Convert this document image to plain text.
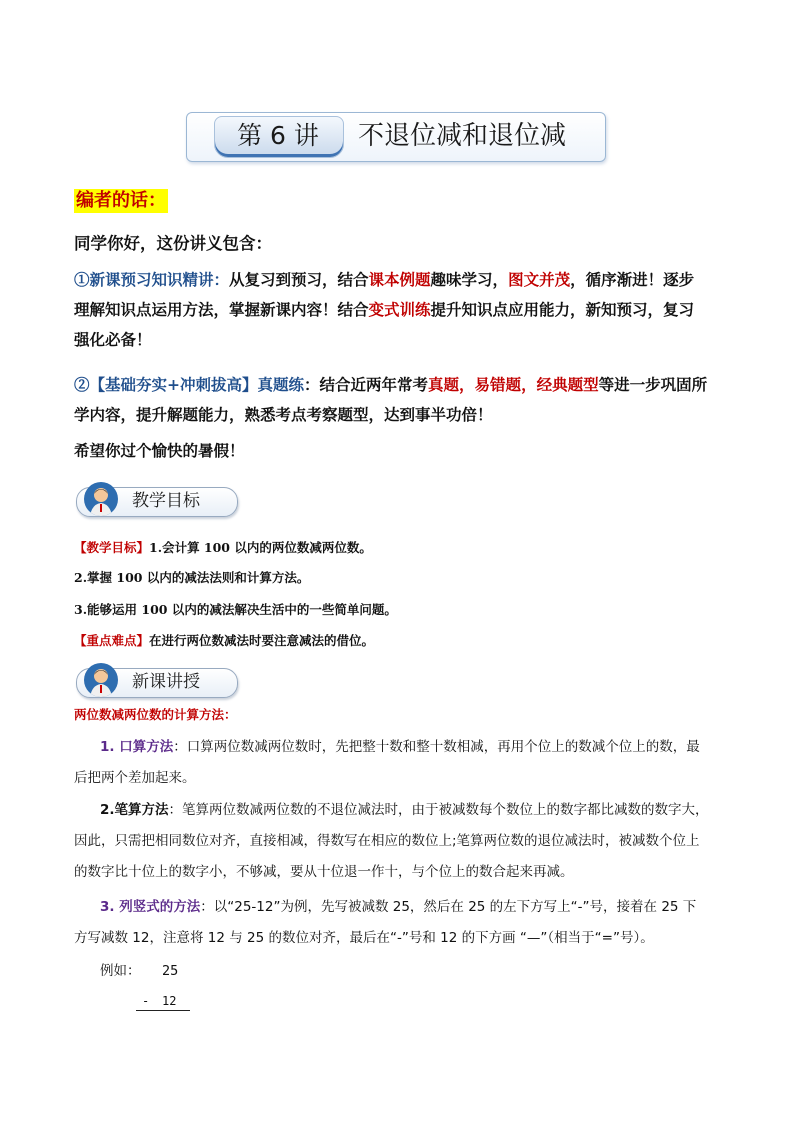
第 6 讲	不退位减和退位减
编者的话：
同学你好，这份讲义包含：
①新课预习知识精讲：从复习到预习，结合课本例题趣味学习，图文并茂，循序渐进！逐步
理解知识点运用方法，掌握新课内容！结合变式训练提升知识点应用能力，新知预习，复习
强化必备！
②【基础夯实+冲刺拔高】真题练：结合近两年常考真题，易错题，经典题型等进一步巩固所
学内容，提升解题能力，熟悉考点考察题型，达到事半功倍！
希望你过个愉快的暑假！
教学目标
【教学目标】1.会计算 100 以内的两位数减两位数。
2.掌握 100 以内的减法法则和计算方法。
3.能够运用 100 以内的减法解决生活中的一些简单问题。
【重点难点】在进行两位数减法时要注意减法的借位。
新课讲授
两位数减两位数的计算方法：
1. 口算方法：口算两位数减两位数时，先把整十数和整十数相减，再用个位上的数减个位上的数，最
后把两个差加起来。
2.笔算方法：笔算两位数减两位数的不退位减法时，由于被减数每个数位上的数字都比减数的数字大，
因此，只需把相同数位对齐，直接相减，得数写在相应的数位上;笔算两位数的退位减法时，被减数个位上
的数字比十位上的数字小，不够减，要从十位退一作十，与个位上的数合起来再减。
3. 列竖式的方法：以“25-12”为例，先写被减数 25，然后在 25 的左下方写上“-”号，接着在 25 下
方写减数 12，注意将 12 与 25 的数位对齐，最后在“-”号和 12 的下方画 “—”（相当于“=”号）。
例如： 25
- 12
